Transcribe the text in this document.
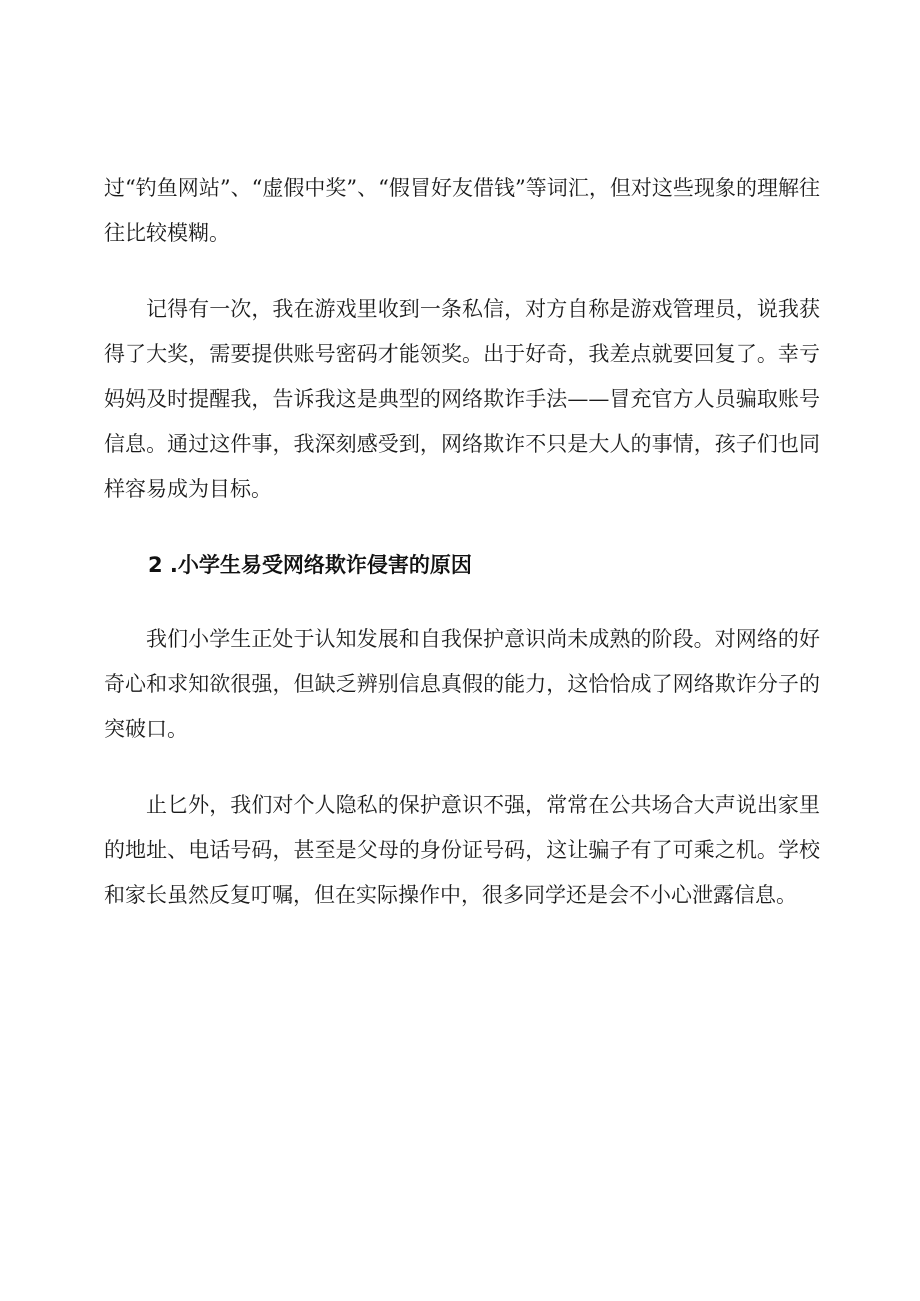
过“钓鱼网站”、“虚假中奖”、“假冒好友借钱”等词汇，但对这些现象的理解往往比较模糊。

记得有一次，我在游戏里收到一条私信，对方自称是游戏管理员，说我获得了大奖，需要提供账号密码才能领奖。出于好奇，我差点就要回复了。幸亏妈妈及时提醒我，告诉我这是典型的网络欺诈手法——冒充官方人员骗取账号信息。通过这件事，我深刻感受到，网络欺诈不只是大人的事情，孩子们也同样容易成为目标。

2 .小学生易受网络欺诈侵害的原因

我们小学生正处于认知发展和自我保护意识尚未成熟的阶段。对网络的好奇心和求知欲很强，但缺乏辨别信息真假的能力，这恰恰成了网络欺诈分子的突破口。

止匕外，我们对个人隐私的保护意识不强，常常在公共场合大声说出家里的地址、电话号码，甚至是父母的身份证号码，这让骗子有了可乘之机。学校和家长虽然反复叮嘱，但在实际操作中，很多同学还是会不小心泄露信息。
